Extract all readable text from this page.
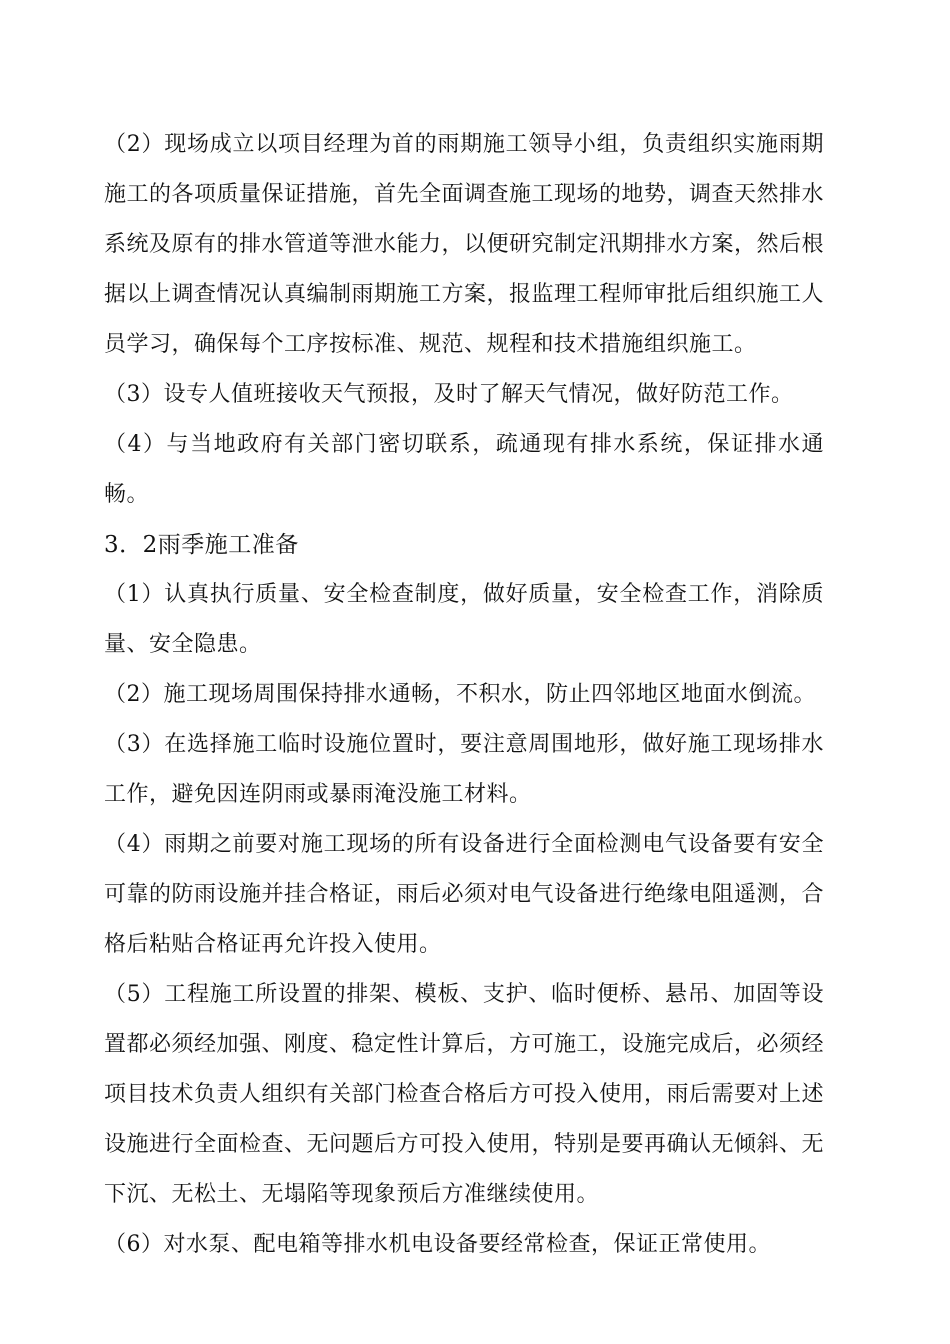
（2）现场成立以项目经理为首的雨期施工领导小组，负责组织实施雨期施工的各项质量保证措施，首先全面调查施工现场的地势，调查天然排水系统及原有的排水管道等泄水能力，以便研究制定汛期排水方案，然后根据以上调查情况认真编制雨期施工方案，报监理工程师审批后组织施工人员学习，确保每个工序按标准、规范、规程和技术措施组织施工。

（3）设专人值班接收天气预报，及时了解天气情况，做好防范工作。

（4）与当地政府有关部门密切联系，疏通现有排水系统，保证排水通畅。

3．2雨季施工准备

（1）认真执行质量、安全检查制度，做好质量，安全检查工作，消除质量、安全隐患。

（2）施工现场周围保持排水通畅，不积水，防止四邻地区地面水倒流。

（3）在选择施工临时设施位置时，要注意周围地形，做好施工现场排水工作，避免因连阴雨或暴雨淹没施工材料。

（4）雨期之前要对施工现场的所有设备进行全面检测电气设备要有安全可靠的防雨设施并挂合格证，雨后必须对电气设备进行绝缘电阻遥测，合格后粘贴合格证再允许投入使用。

（5）工程施工所设置的排架、模板、支护、临时便桥、悬吊、加固等设置都必须经加强、刚度、稳定性计算后，方可施工，设施完成后，必须经项目技术负责人组织有关部门检查合格后方可投入使用，雨后需要对上述设施进行全面检查、无问题后方可投入使用，特别是要再确认无倾斜、无下沉、无松土、无塌陷等现象预后方准继续使用。

（6）对水泵、配电箱等排水机电设备要经常检查，保证正常使用。
